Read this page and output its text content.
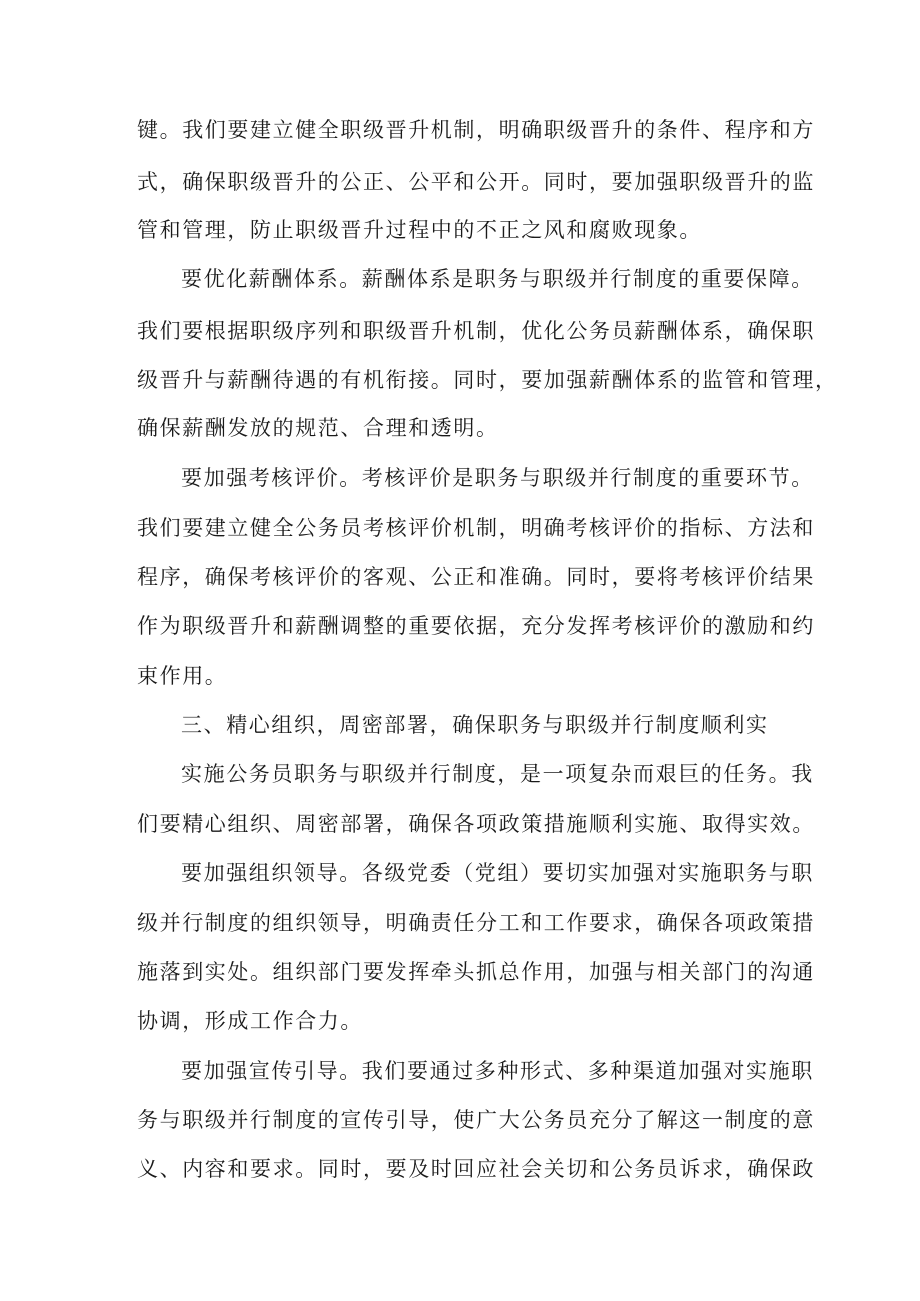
键。我们要建立健全职级晋升机制，明确职级晋升的条件、程序和方
式，确保职级晋升的公正、公平和公开。同时，要加强职级晋升的监
管和管理，防止职级晋升过程中的不正之风和腐败现象。
要优化薪酬体系。薪酬体系是职务与职级并行制度的重要保障。
我们要根据职级序列和职级晋升机制，优化公务员薪酬体系，确保职
级晋升与薪酬待遇的有机衔接。同时，要加强薪酬体系的监管和管理，
确保薪酬发放的规范、合理和透明。
要加强考核评价。考核评价是职务与职级并行制度的重要环节。
我们要建立健全公务员考核评价机制，明确考核评价的指标、方法和
程序，确保考核评价的客观、公正和准确。同时，要将考核评价结果
作为职级晋升和薪酬调整的重要依据，充分发挥考核评价的激励和约
束作用。
三、精心组织，周密部署，确保职务与职级并行制度顺利实
实施公务员职务与职级并行制度，是一项复杂而艰巨的任务。我
们要精心组织、周密部署，确保各项政策措施顺利实施、取得实效。
要加强组织领导。各级党委（党组）要切实加强对实施职务与职
级并行制度的组织领导，明确责任分工和工作要求，确保各项政策措
施落到实处。组织部门要发挥牵头抓总作用，加强与相关部门的沟通
协调，形成工作合力。
要加强宣传引导。我们要通过多种形式、多种渠道加强对实施职
务与职级并行制度的宣传引导，使广大公务员充分了解这一制度的意
义、内容和要求。同时，要及时回应社会关切和公务员诉求，确保政
